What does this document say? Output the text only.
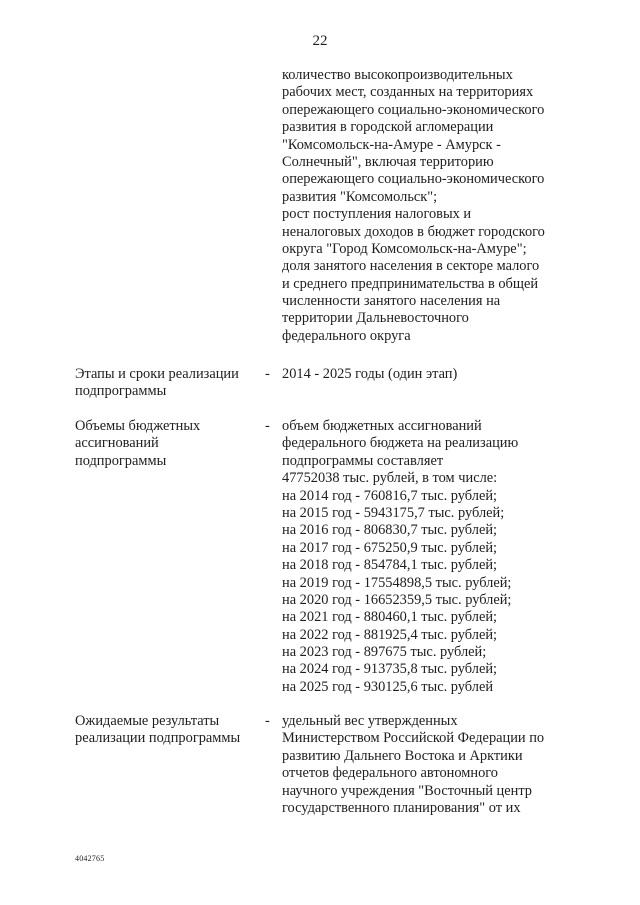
22
количество высокопроизводительных
рабочих мест, созданных на территориях
опережающего социально-экономического
развития в городской агломерации
"Комсомольск-на-Амуре - Амурск -
Солнечный", включая территорию
опережающего социально-экономического
развития "Комсомольск";
рост поступления налоговых и
неналоговых доходов в бюджет городского
округа "Город Комсомольск-на-Амуре";
доля занятого населения в секторе малого
и среднего предпринимательства в общей
численности занятого населения на
территории Дальневосточного
федерального округа
Этапы и сроки реализации
подпрограммы
- 2014 - 2025 годы (один этап)
Объемы бюджетных
ассигнований
подпрограммы
- объем бюджетных ассигнований
федерального бюджета на реализацию
подпрограммы составляет
47752038 тыс. рублей, в том числе:
на 2014 год - 760816,7 тыс. рублей;
на 2015 год - 5943175,7 тыс. рублей;
на 2016 год - 806830,7 тыс. рублей;
на 2017 год - 675250,9 тыс. рублей;
на 2018 год - 854784,1 тыс. рублей;
на 2019 год - 17554898,5 тыс. рублей;
на 2020 год - 16652359,5 тыс. рублей;
на 2021 год - 880460,1 тыс. рублей;
на 2022 год - 881925,4 тыс. рублей;
на 2023 год - 897675 тыс. рублей;
на 2024 год - 913735,8 тыс. рублей;
на 2025 год - 930125,6 тыс. рублей
Ожидаемые результаты
реализации подпрограммы
- удельный вес утвержденных
Министерством Российской Федерации по
развитию Дальнего Востока и Арктики
отчетов федерального автономного
научного учреждения "Восточный центр
государственного планирования" от их
4042765
